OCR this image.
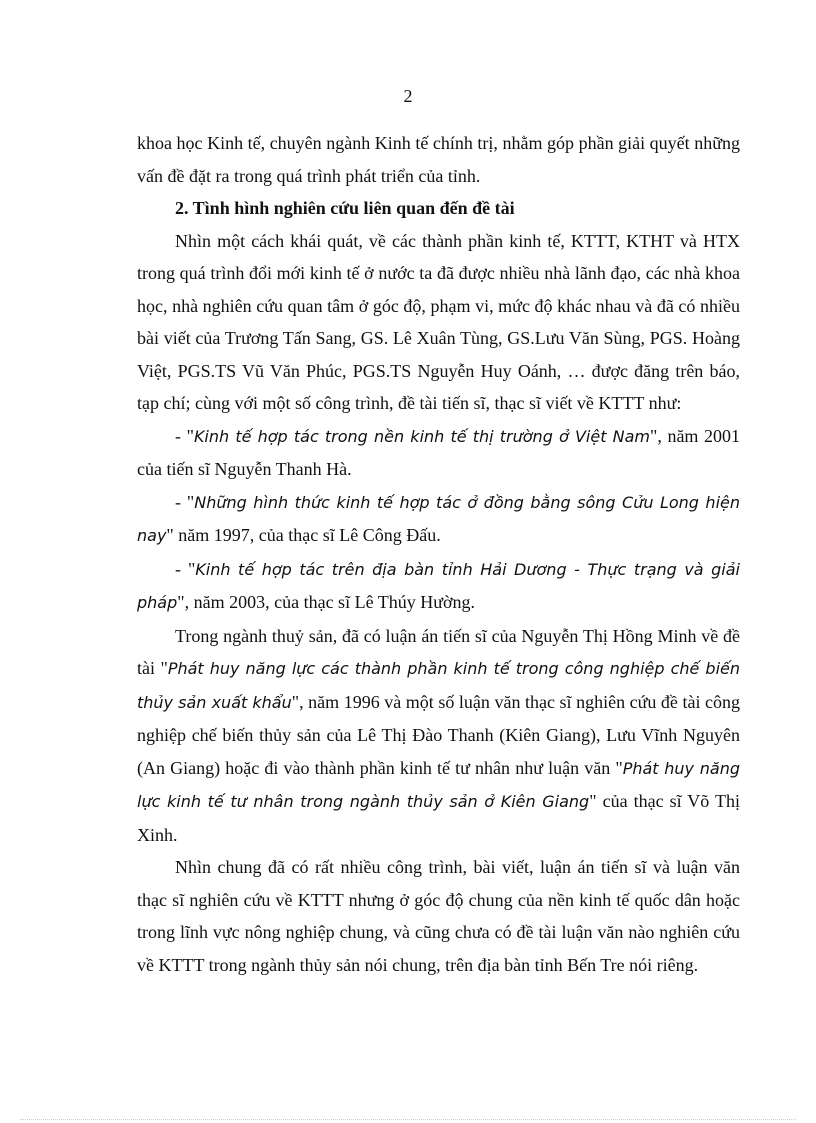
2

khoa học Kinh tế, chuyên ngành Kinh tế chính trị, nhằm góp phần giải quyết những vấn đề đặt ra trong quá trình phát triển của tỉnh.

2. Tình hình nghiên cứu liên quan đến đề tài

Nhìn một cách khái quát, về các thành phần kinh tế, KTTT, KTHT và HTX trong quá trình đổi mới kinh tế ở nước ta đã được nhiều nhà lãnh đạo, các nhà khoa học, nhà nghiên cứu quan tâm ở góc độ, phạm vi, mức độ khác nhau và đã có nhiều bài viết của Trương Tấn Sang, GS. Lê Xuân Tùng, GS.Lưu Văn Sùng, PGS. Hoàng Việt, PGS.TS Vũ Văn Phúc, PGS.TS Nguyễn Huy Oánh, … được đăng trên báo, tạp chí; cùng với một số công trình, đề tài tiến sĩ, thạc sĩ viết về KTTT như:

- "Kinh tế hợp tác trong nền kinh tế thị trường ở Việt Nam", năm 2001 của tiến sĩ Nguyễn Thanh Hà.

- "Những hình thức kinh tế hợp tác ở đồng bằng sông Cửu Long hiện nay" năm 1997, của thạc sĩ Lê Công Đấu.

- "Kinh tế hợp tác trên địa bàn tỉnh Hải Dương - Thực trạng và giải pháp", năm 2003, của thạc sĩ Lê Thúy Hường.

Trong ngành thuỷ sản, đã có luận án tiến sĩ của Nguyễn Thị Hồng Minh về đề tài "Phát huy năng lực các thành phần kinh tế trong công nghiệp chế biến thủy sản xuất khẩu", năm 1996 và một số luận văn thạc sĩ nghiên cứu đề tài công nghiệp chế biến thủy sản của Lê Thị Đào Thanh (Kiên Giang), Lưu Vĩnh Nguyên (An Giang) hoặc đi vào thành phần kinh tế tư nhân như luận văn "Phát huy năng lực kinh tế tư nhân trong ngành thủy sản ở Kiên Giang" của thạc sĩ Võ Thị Xinh.

Nhìn chung đã có rất nhiều công trình, bài viết, luận án tiến sĩ và luận văn thạc sĩ nghiên cứu về KTTT nhưng ở góc độ chung của nền kinh tế quốc dân hoặc trong lĩnh vực nông nghiệp chung, và cũng chưa có đề tài luận văn nào nghiên cứu về KTTT trong ngành thủy sản nói chung, trên địa bàn tỉnh Bến Tre nói riêng.
